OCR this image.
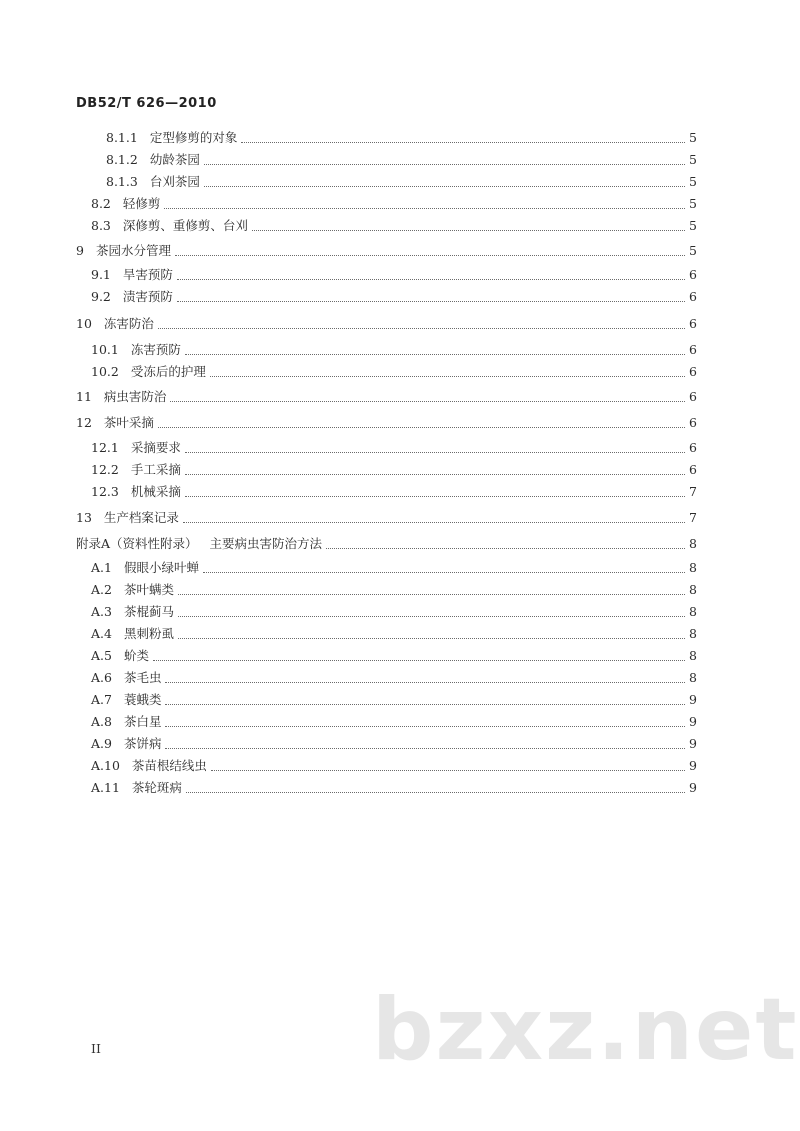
DB52/T 626—2010
8.1.1 定型修剪的对象	5
8.1.2 幼龄茶园	5
8.1.3 台刈茶园	5
8.2 轻修剪	5
8.3 深修剪、重修剪、台刈	5
9 茶园水分管理	5
9.1 旱害预防	6
9.2 渍害预防	6
10 冻害防治	6
10.1 冻害预防	6
10.2 受冻后的护理	6
11 病虫害防治	6
12 茶叶采摘	6
12.1 采摘要求	6
12.2 手工采摘	6
12.3 机械采摘	7
13 生产档案记录	7
附录A（资料性附录） 主要病虫害防治方法	8
A.1 假眼小绿叶蝉	8
A.2 茶叶螨类	8
A.3 茶棍蓟马	8
A.4 黑刺粉虱	8
A.5 蚧类	8
A.6 茶毛虫	8
A.7 蓑蛾类	9
A.8 茶白星	9
A.9 茶饼病	9
A.10 茶苗根结线虫	9
A.11 茶轮斑病	9
II	bzxz.net
